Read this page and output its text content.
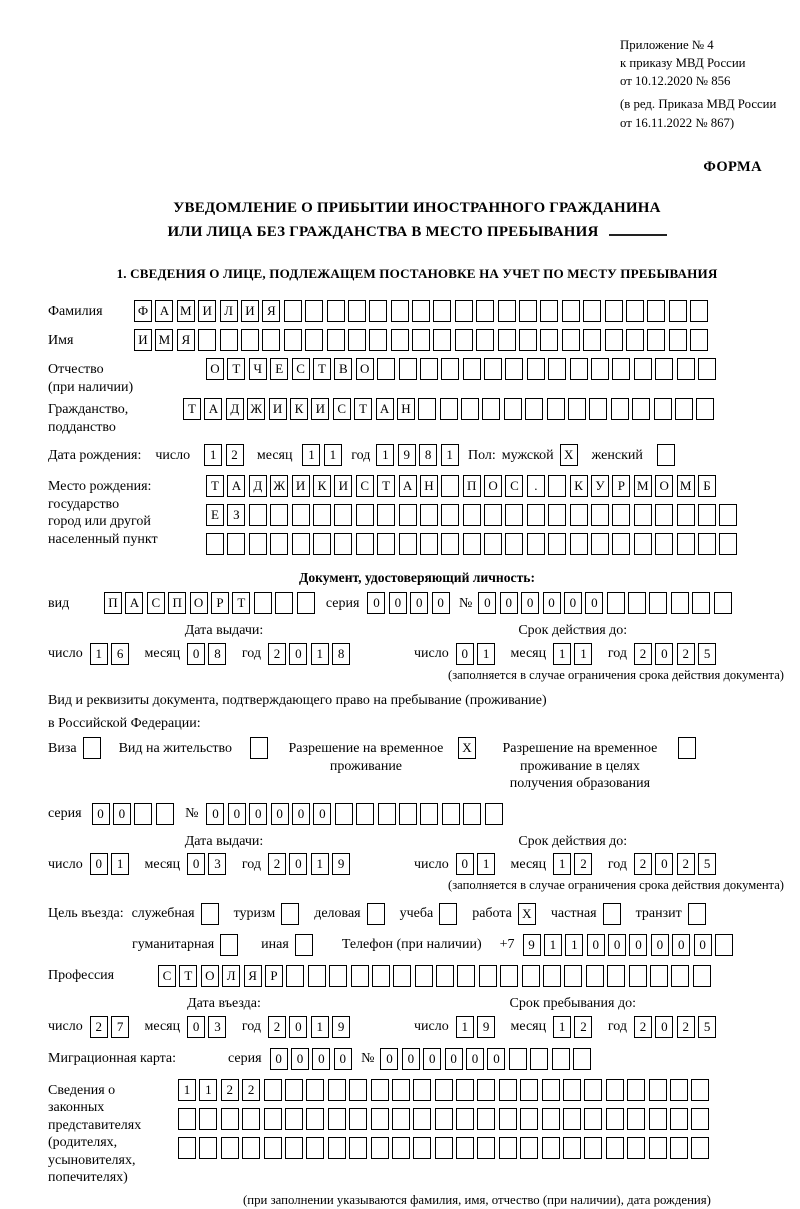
Приложение № 4
к приказу МВД России
от 10.12.2020 № 856
(в ред. Приказа МВД России
от 16.11.2022 № 867)
ФОРМА
УВЕДОМЛЕНИЕ О ПРИБЫТИИ ИНОСТРАННОГО ГРАЖДАНИНА
ИЛИ ЛИЦА БЕЗ ГРАЖДАНСТВА В МЕСТО ПРЕБЫВАНИЯ
1. СВЕДЕНИЯ О ЛИЦЕ, ПОДЛЕЖАЩЕМ ПОСТАНОВКЕ НА УЧЕТ ПО МЕСТУ ПРЕБЫВАНИЯ
Фамилия	Ф А М И Л И Я
Имя	И М Я
Отчество
(при наличии)
О Т	Ч	Е	С	Т	В О
Гражданство,
подданство
Т А Д Ж И К И С	Т А Н
Дата рождения: число	1	2	месяц	1	1	год 1	9	8	1	Пол: мужской X	женский
Место рождения:
государство
город или другой
населенный пункт
Т А Д Ж И К И С	Т А Н	П О С	.	К У	Р М О М Б
Е	З
Документ, удостоверяющий личность:
вид	П А С П О	Р	Т	серия	0	0	0	0	№ 0	0	0	0	0	0
Дата выдачи:
число 1	6	месяц 0	8	год 2	0	1	8
Срок действия до:
число 0	1	месяц 1	1	год 2	0	2	5
(заполняется в случае ограничения срока действия документа)
Вид и реквизиты документа, подтверждающего право на пребывание (проживание)
в Российской Федерации:
Виза	Вид на жительство	Разрешение на временное проживание
X	Разрешение на временное проживание в целях получения образования
серия	0	0	№	0	0	0	0	0	0
Дата выдачи:
число 0	1	месяц 0	3	год 2	0	1	9
Срок действия до:
число 0	1	месяц 1	2	год 2	0	2	5
(заполняется в случае ограничения срока действия документа)
Цель въезда: служебная	туризм	деловая	учеба	работа X	частная	транзит
гуманитарная	иная	Телефон (при наличии) +7	9	1	1	0	0	0	0	0	0
Профессия	С	Т О Л Я	Р
Дата въезда:
число 2	7	месяц 0	3	год 2	0	1	9
Срок пребывания до:
число 1	9	месяц 1	2	год 2	0	2	5
Миграционная карта:	серия	0	0	0	0	№ 0	0	0	0	0	0
Сведения о
законных
представителях
(родителях,
усыновителях,
попечителях)
1	1	2	2
(при заполнении указываются фамилия, имя, отчество (при наличии), дата рождения)
